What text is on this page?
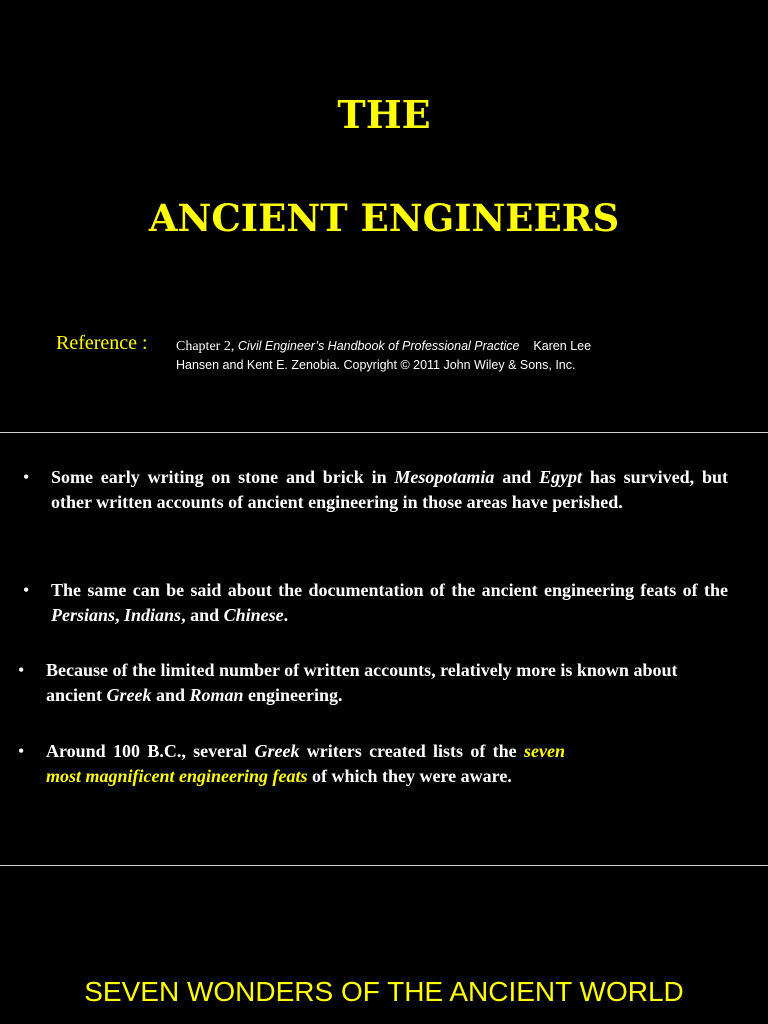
THE
ANCIENT ENGINEERS
Reference : Chapter 2, Civil Engineer’s Handbook of Professional Practice Karen Lee Hansen and Kent E. Zenobia. Copyright © 2011 John Wiley & Sons, Inc.
• Some early writing on stone and brick in Mesopotamia and Egypt has survived, but other written accounts of ancient engineering in those areas have perished.
• The same can be said about the documentation of the ancient engineering feats of the Persians, Indians, and Chinese.
• Because of the limited number of written accounts, relatively more is known about ancient Greek and Roman engineering.
• Around 100 B.C., several Greek writers created lists of the seven most magnificent engineering feats of which they were aware.
SEVEN WONDERS OF THE ANCIENT WORLD
